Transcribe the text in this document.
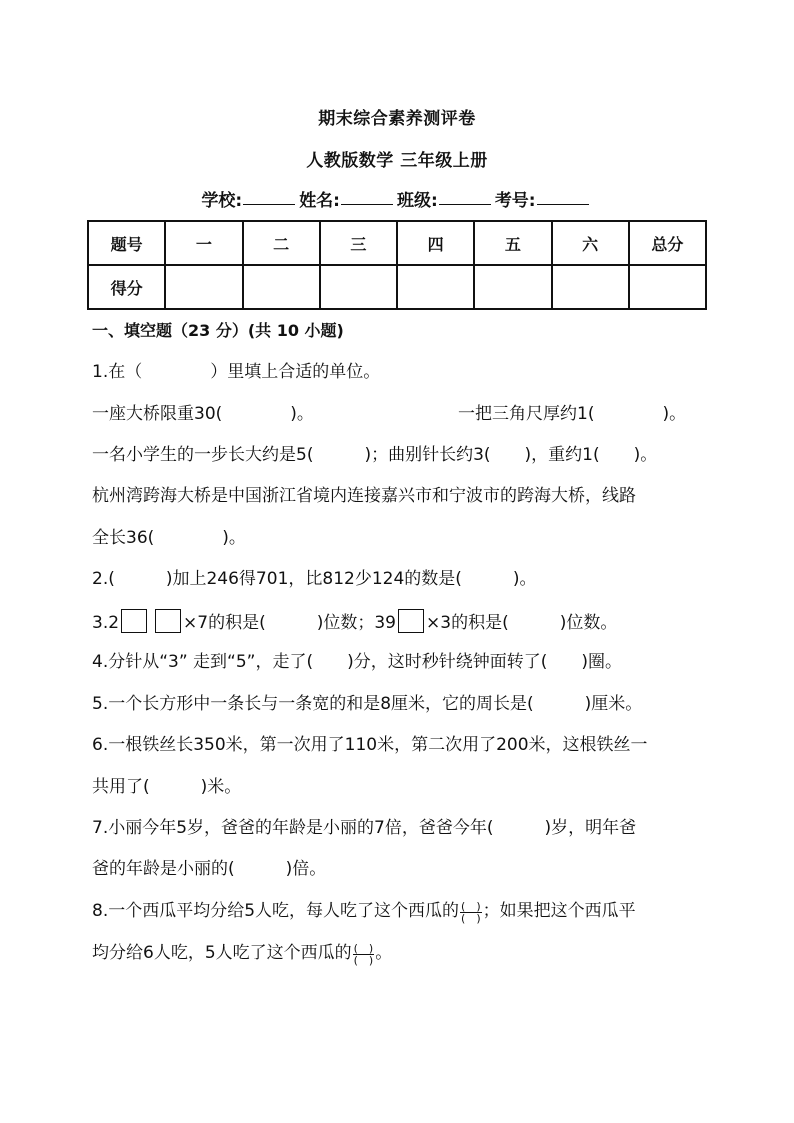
期末综合素养测评卷
人教版数学 三年级上册
学校:	姓名:	班级:	考号:
题号	一	二	三	四	五	六	总分
得分							
一、填空题（23 分）(共 10 小题)
1.在（　　　　）里填上合适的单位。
一座大桥限重30(　　　　)。	一把三角尺厚约1(　　　　)。
一名小学生的一步长大约是5(　　　)；曲别针长约3(　　)，重约1(　　)。
杭州湾跨海大桥是中国浙江省境内连接嘉兴市和宁波市的跨海大桥，线路
全长36(　　　　)。
2.(　　　)加上246得701，比812少124的数是(　　　)。
3.2	×7的积是(　　　)位数；39 ×3的积是(　　　)位数。
4.分针从“3” 走到“5”，走了(　　)分，这时秒针绕钟面转了(　　)圈。
5.一个长方形中一条长与一条宽的和是8厘米，它的周长是(　　　)厘米。
6.一根铁丝长350米，第一次用了110米，第二次用了200米，这根铁丝一
共用了(　　　)米。
7.小丽今年5岁，爸爸的年龄是小丽的7倍，爸爸今年(　　　)岁，明年爸
爸的年龄是小丽的(　　　)倍。
8.一个西瓜平均分给5人吃，每人吃了这个西瓜的 $\frac{( )}{( )}$ ；如果把这个西瓜平
均分给6人吃，5人吃了这个西瓜的 $\frac{( )}{( )}$ 。
